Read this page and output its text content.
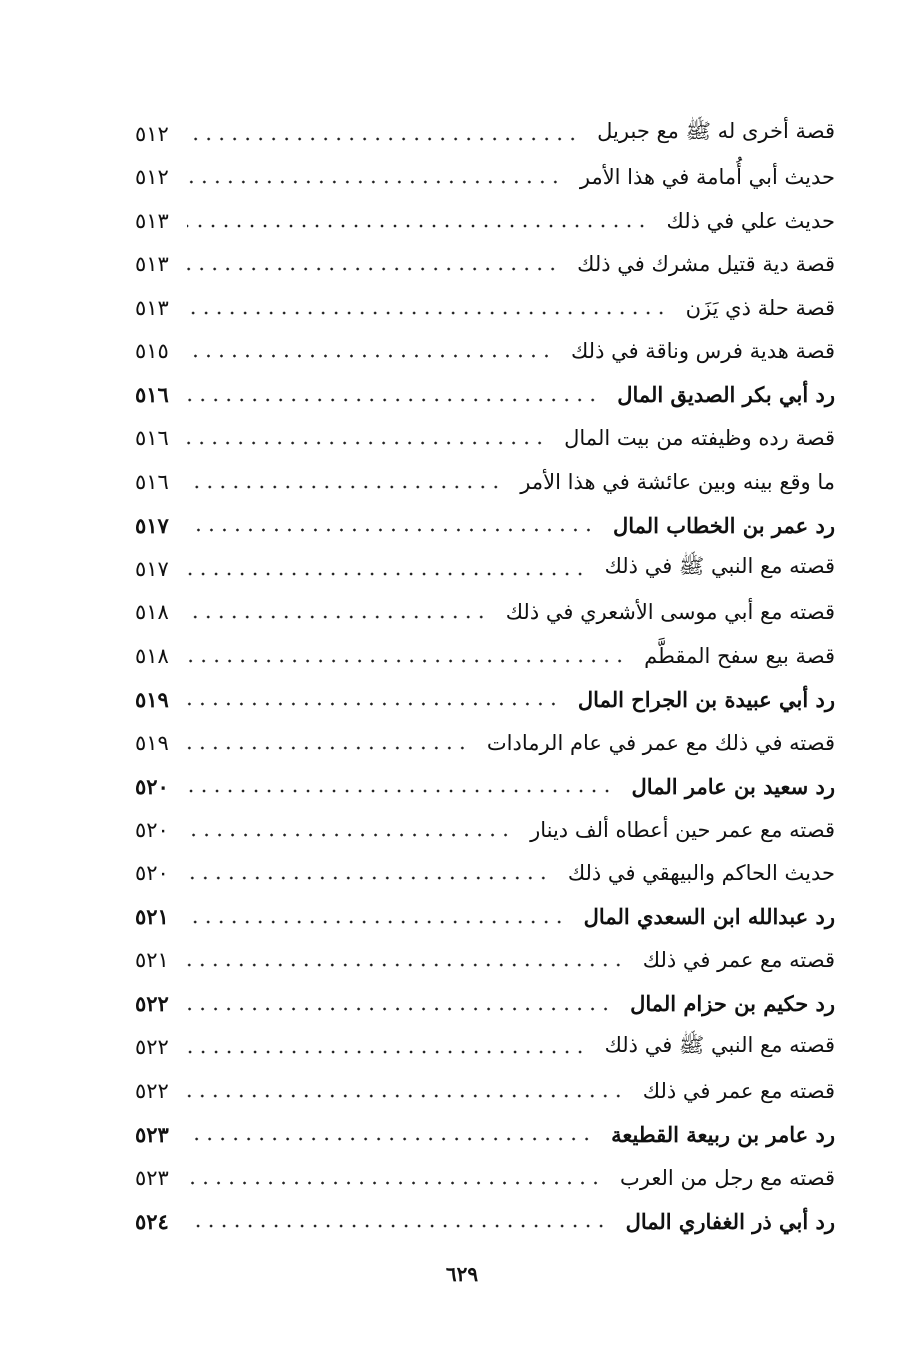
قصة أخرى له ﷺ مع جبريل
٥١٢
حديث أبي أُمامة في هذا الأمر
٥١٢
حديث علي في ذلك
٥١٣
قصة دية قتيل مشرك في ذلك
٥١٣
قصة حلة ذي يَزَن
٥١٣
قصة هدية فرس وناقة في ذلك
٥١٥
رد أبي بكر الصديق المال
٥١٦
قصة رده وظيفته من بيت المال
٥١٦
ما وقع بينه وبين عائشة في هذا الأمر
٥١٦
رد عمر بن الخطاب المال
٥١٧
قصته مع النبي ﷺ في ذلك
٥١٧
قصته مع أبي موسى الأشعري في ذلك
٥١٨
قصة بيع سفح المقطَّم
٥١٨
رد أبي عبيدة بن الجراح المال
٥١٩
قصته في ذلك مع عمر في عام الرمادات
٥١٩
رد سعيد بن عامر المال
٥٢٠
قصته مع عمر حين أعطاه ألف دينار
٥٢٠
حديث الحاكم والبيهقي في ذلك
٥٢٠
رد عبدالله ابن السعدي المال
٥٢١
قصته مع عمر في ذلك
٥٢١
رد حكيم بن حزام المال
٥٢٢
قصته مع النبي ﷺ في ذلك
٥٢٢
قصته مع عمر في ذلك
٥٢٢
رد عامر بن ربيعة القطيعة
٥٢٣
قصته مع رجل من العرب
٥٢٣
رد أبي ذر الغفاري المال
٥٢٤
٦٢٩
